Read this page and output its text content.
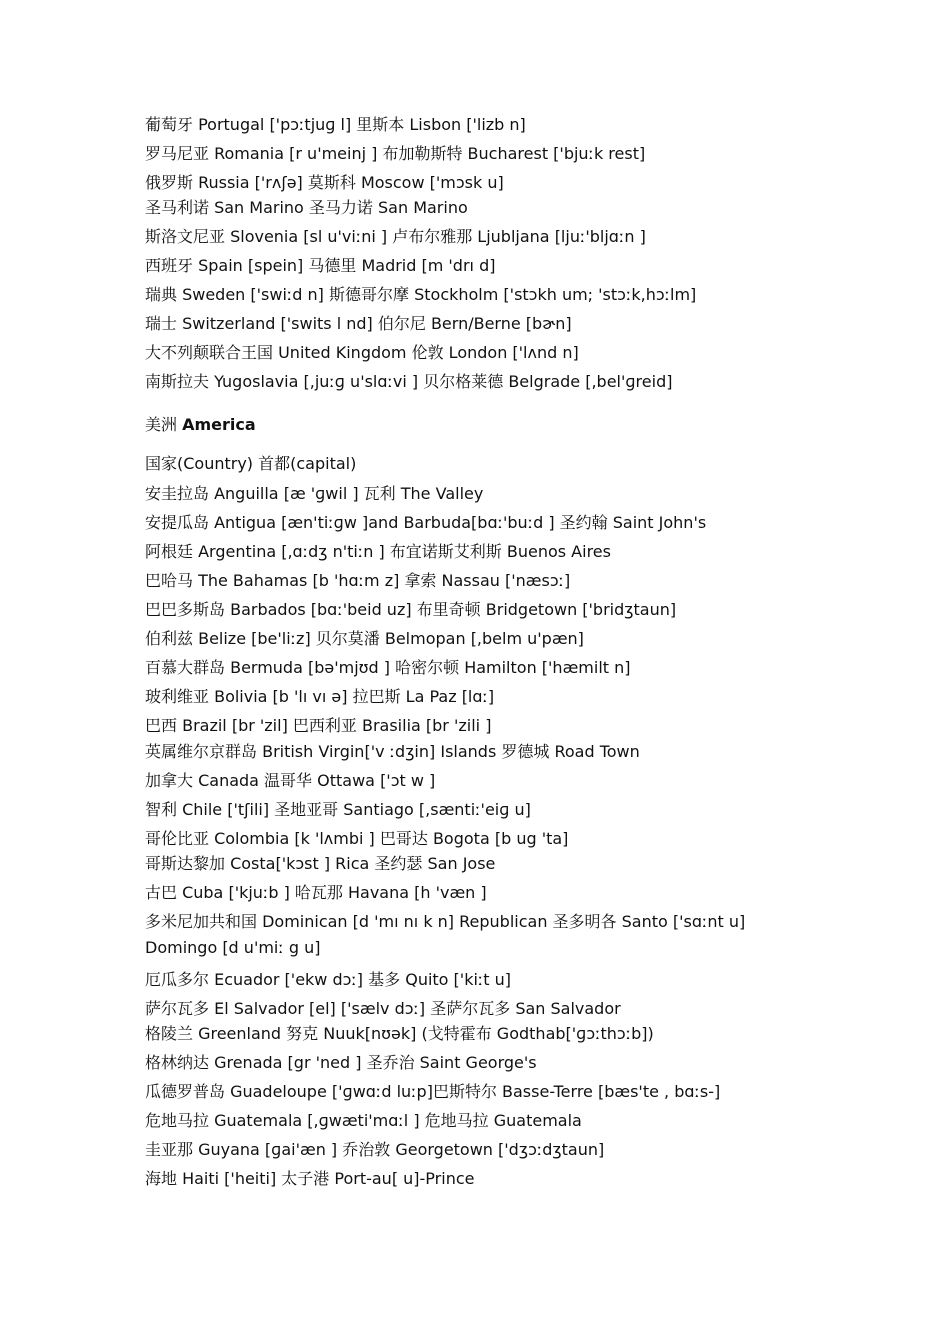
葡萄牙 Portugal ['pɔːtjuɡ l] 里斯本 Lisbon ['lizb n]
罗马尼亚 Romania [r u'meinj ] 布加勒斯特 Bucharest ['bjuːk rest]
俄罗斯 Russia ['rʌʃə] 莫斯科 Moscow ['mɔsk u]
圣马利诺 San Marino 圣马力诺 San Marino
斯洛文尼亚 Slovenia [sl u'viːni ] 卢布尔雅那 Ljubljana [ljuː'bljɑːn ]
西班牙 Spain [spein] 马德里 Madrid [m 'drı d]
瑞典 Sweden ['swiːd n] 斯德哥尔摩 Stockholm ['stɔkh um; 'stɔːk,hɔːlm]
瑞士 Switzerland ['swits l nd] 伯尔尼 Bern/Berne [bɚn]
大不列颠联合王国 United Kingdom 伦敦 London ['lʌnd n]
南斯拉夫 Yugoslavia [,juːɡ u'slɑːvi ] 贝尔格莱德 Belgrade [,bel'ɡreid]
美洲 America
国家(Country) 首都(capital)
安圭拉岛 Anguilla [æ 'ɡwil ] 瓦利 The Valley
安提瓜岛 Antigua [æn'tiːɡw ]and Barbuda[bɑː'buːd ] 圣约翰 Saint John's
阿根廷 Argentina [,ɑːdʒ n'tiːn ] 布宜诺斯艾利斯 Buenos Aires
巴哈马 The Bahamas [b 'hɑːm z] 拿索 Nassau ['næsɔː]
巴巴多斯岛 Barbados [bɑː'beid uz] 布里奇顿 Bridgetown ['bridʒtaun]
伯利兹 Belize [be'liːz] 贝尔莫潘 Belmopan [,belm u'pæn]
百慕大群岛 Bermuda [bə'mjʊd ] 哈密尔顿 Hamilton ['hæmilt n]
玻利维亚 Bolivia [b 'lı vı ə] 拉巴斯 La Paz [lɑː]
巴西 Brazil [br 'zil] 巴西利亚 Brasilia [br 'zili ]
英属维尔京群岛 British Virgin['v ːdʒin] Islands 罗德城 Road Town
加拿大 Canada 温哥华 Ottawa ['ɔt w ]
智利 Chile ['tʃili] 圣地亚哥 Santiago [,sæntiː'eiɡ u]
哥伦比亚 Colombia [k 'lʌmbi ] 巴哥达 Bogota [b ug 'ta]
哥斯达黎加 Costa['kɔst ] Rica 圣约瑟 San Jose
古巴 Cuba ['kjuːb ] 哈瓦那 Havana [h 'væn ]
多米尼加共和国 Dominican [d 'mı nı k n] Republican 圣多明各 Santo ['sɑːnt u]
Domingo [d u'miː g u]
厄瓜多尔 Ecuador ['ekw dɔː] 基多 Quito ['kiːt u]
萨尔瓦多 El Salvador [el] ['sælv dɔː] 圣萨尔瓦多 San Salvador
格陵兰 Greenland 努克 Nuuk[nʊək] (戈特霍布 Godthab['ɡɔːthɔːb])
格林纳达 Grenada [gr 'ned ] 圣乔治 Saint George's
瓜德罗普岛 Guadeloupe ['ɡwɑːd luːp]巴斯特尔 Basse-Terre [bæs'te , bɑːs-]
危地马拉 Guatemala [,ɡwæti'mɑːl ] 危地马拉 Guatemala
圭亚那 Guyana [ɡai'æn ] 乔治敦 Georgetown ['dʒɔːdʒtaun]
海地 Haiti ['heiti] 太子港 Port-au[ u]-Prince
